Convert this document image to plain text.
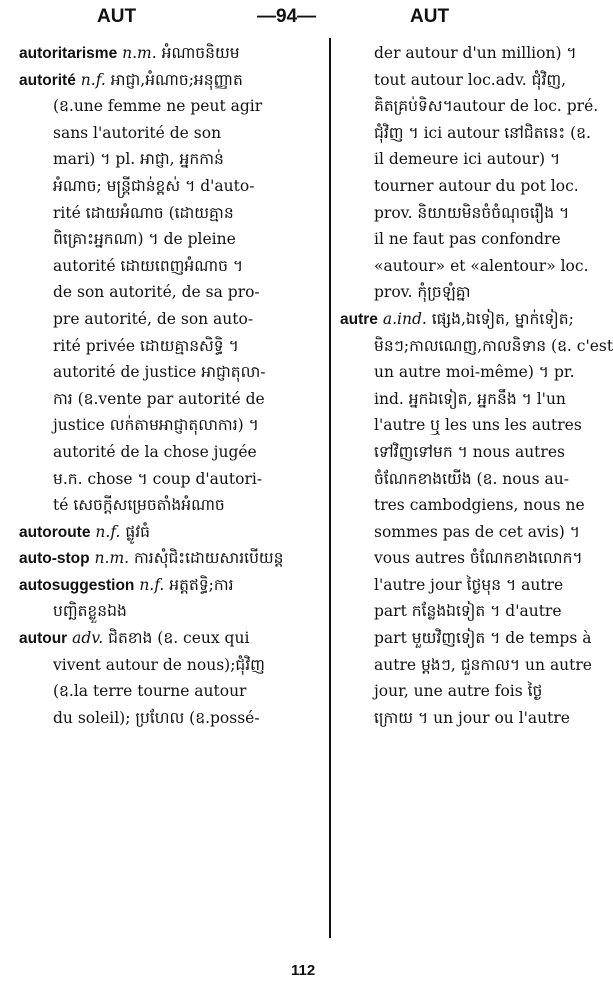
AUT	—94—	AUT
autoritarisme n.m. អំណាចនិយម
autorité n.f. អាជ្ញា,អំណាច;អនុញ្ញាត
(ឧ.une femme ne peut agir
sans l'autorité de son
mari) ។ pl. អាជ្ញា, អ្នកកាន់
អំណាច; មន្ត្រីជាន់ខ្ពស់ ។ d'auto-
rité ដោយអំណាច (ដោយគ្មាន
ពិគ្រោះអ្នកណា) ។ de pleine
autorité ដោយពេញអំណាច ។
de son autorité, de sa pro-
pre autorité, de son auto-
rité privée ដោយគ្មានសិទ្ធិ ។
autorité de justice អាជ្ញាតុលា-
ការ (ឧ.vente par autorité de
justice លក់តាមអាជ្ញាតុលាការ) ។
autorité de la chose jugée
ម.ក. chose ។ coup d'autori-
té សេចក្ដីសម្រេចតាំងអំណាច
autoroute n.f. ផ្លូវធំ
auto-stop n.m. ការសុំជិះដោយសារបើយន្ត
autosuggestion n.f. អត្តឥទ្ធិ;ការ
បញ្ឆិតខ្លួនឯង
autour adv. ជិតខាង (ឧ. ceux qui
vivent autour de nous);ជុំវិញ
(ឧ.la terre tourne autour
du soleil); ប្រហែល (ឧ.possé-
der autour d'un million) ។
tout autour loc.adv. ជុំវិញ,
គិតគ្រប់ទិស។autour de loc. pré.
ជុំវិញ ។ ici autour នៅជិតនេះ (ឧ.
il demeure ici autour) ។
tourner autour du pot loc.
prov. និយាយមិនចំចំណុចរឿង ។
il ne faut pas confondre
«autour» et «alentour» loc.
prov. កុំច្រឡំគ្នា
autre a.ind. ផ្សេង,ឯទៀត, ម្នាក់ទៀត;
មិនៗ;កាលណេញ,កាលនិទាន (ឧ. c'est
un autre moi-même) ។ pr.
ind. អ្នកឯទៀត, អ្នកនឹង ។ l'un
l'autre ឬ les uns les autres
ទៅវិញទៅមក ។ nous autres
ចំណែកខាងយើង (ឧ. nous au-
tres cambodgiens, nous ne
sommes pas de cet avis) ។
vous autres ចំណែកខាងលោក។
l'autre jour ថ្ងៃមុន ។ autre
part កន្លែងឯទៀត ។ d'autre
part មួយវិញទៀត ។ de temps à
autre ម្ដងៗ, ជួនកាល។ un autre
jour, une autre fois ថ្ងៃ
ក្រោយ ។ un jour ou l'autre
112
